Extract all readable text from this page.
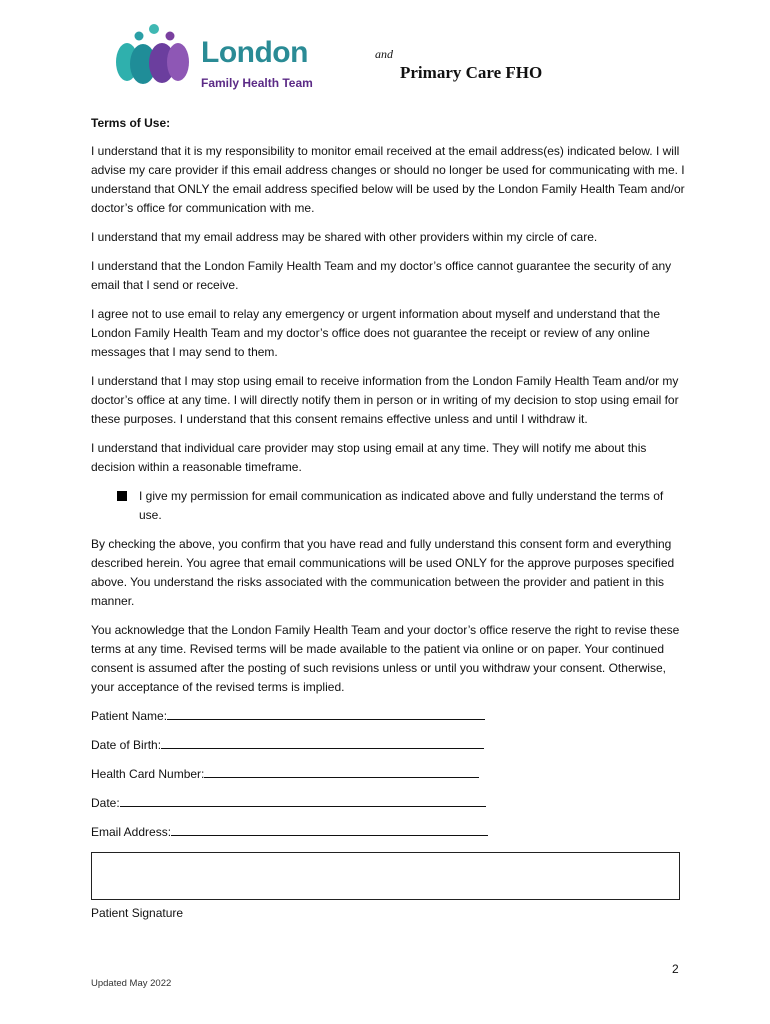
London
Family Health Team
and
Primary Care FHO

Terms of Use:

I understand that it is my responsibility to monitor email received at the email address(es) indicated below. I will advise my care provider if this email address changes or should no longer be used for communicating with me. I understand that ONLY the email address specified below will be used by the London Family Health Team and/or doctor’s office for communication with me.

I understand that my email address may be shared with other providers within my circle of care.

I understand that the London Family Health Team and my doctor’s office cannot guarantee the security of any email that I send or receive.

I agree not to use email to relay any emergency or urgent information about myself and understand that the London Family Health Team and my doctor’s office does not guarantee the receipt or review of any online messages that I may send to them.

I understand that I may stop using email to receive information from the London Family Health Team and/or my doctor’s office at any time. I will directly notify them in person or in writing of my decision to stop using email for these purposes. I understand that this consent remains effective unless and until I withdraw it.

I understand that individual care provider may stop using email at any time. They will notify me about this decision within a reasonable timeframe.

I give my permission for email communication as indicated above and fully understand the terms of use.

By checking the above, you confirm that you have read and fully understand this consent form and everything described herein. You agree that email communications will be used ONLY for the approve purposes specified above. You understand the risks associated with the communication between the provider and patient in this manner.

You acknowledge that the London Family Health Team and your doctor’s office reserve the right to revise these terms at any time. Revised terms will be made available to the patient via online or on paper. Your continued consent is assumed after the posting of such revisions unless or until you withdraw your consent. Otherwise, your acceptance of the revised terms is implied.

Patient Name:
Date of Birth:
Health Card Number:
Date:
Email Address:

Patient Signature

2
Updated May 2022
